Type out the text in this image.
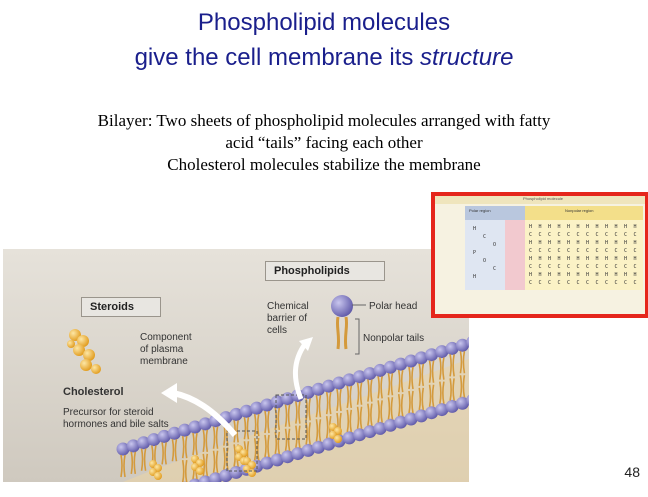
Phospholipid molecules
give the cell membrane its structure
Bilayer: Two sheets of phospholipid molecules arranged with fatty
acid “tails” facing each other
Cholesterol molecules stabilize the membrane
Phospholipids
Steroids	Chemical
barrier of
cells
Polar head
Nonpolar tails
Component
of plasma
membrane
Cholesterol
Precursor for steroid
hormones and bile salts
H H H H H H H H H H H H
C C C C C C C C C C C C
H H H H H H H H H H H H
C C C C C C C C C C C C
H H H H H H H H H H H H
C C C C C C C C C C C C
H H H H H H H H H H H H
C C C C C C C C C C C C
H
C
O
P
O
C
H
Phospholipid molecule
Polar region	Nonpolar region
48
